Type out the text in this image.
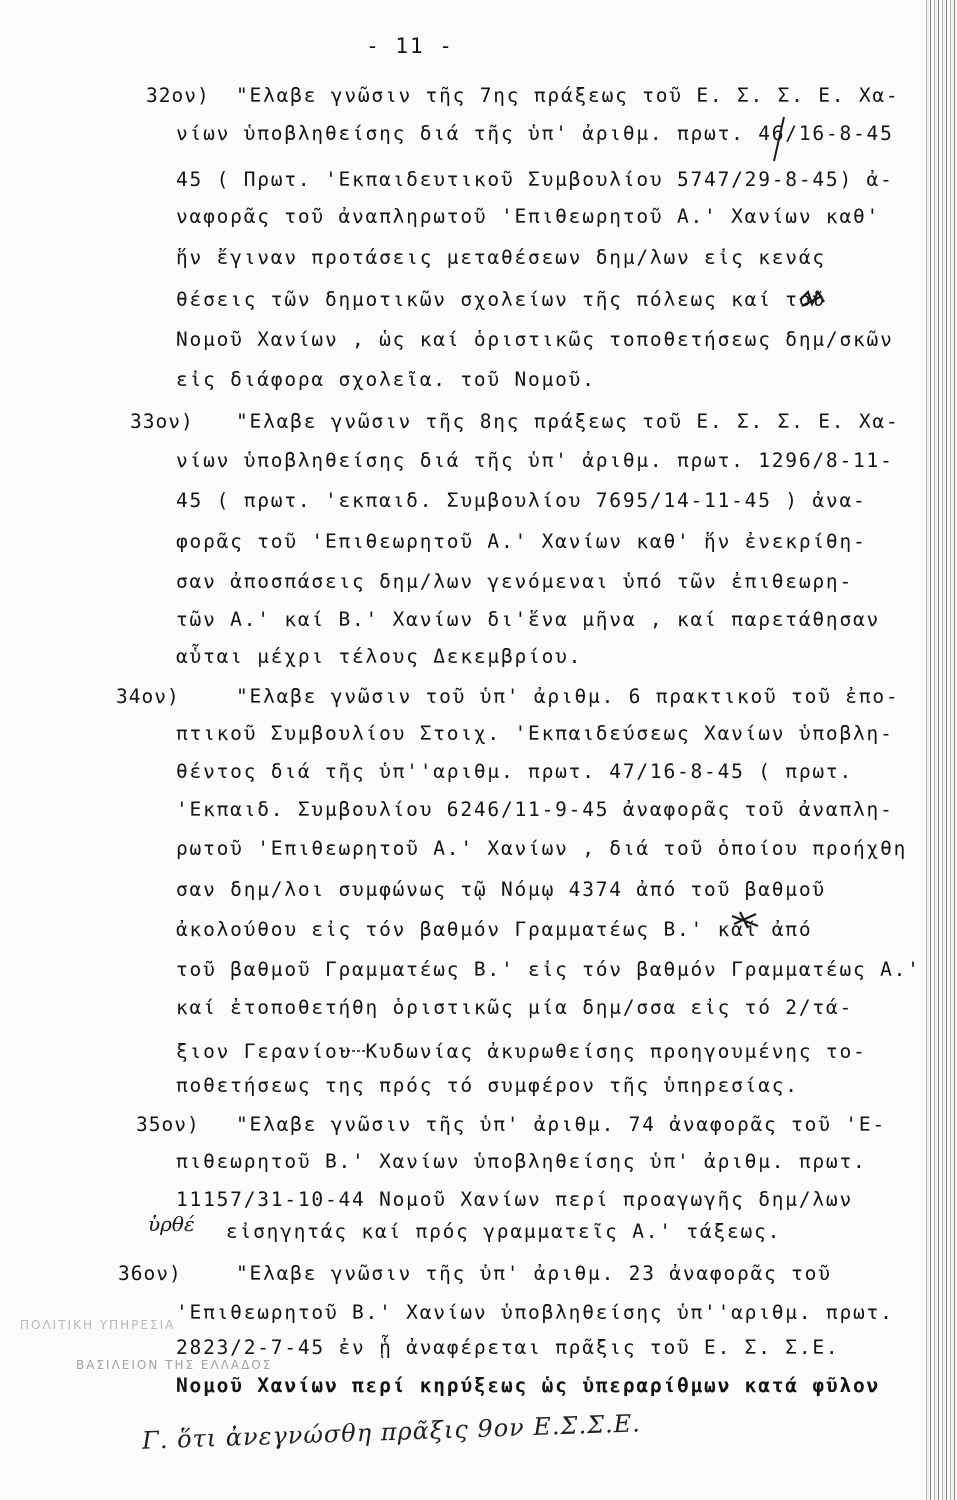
- 11 -
32ον) "Ελαβε γνῶσιν τῆς 7ης πράξεως τοῦ Ε. Σ. Σ. Ε. Χα-
νίων ὑποβληθείσης διά τῆς ὑπ' ἀριθμ. πρωτ. 46/16-8-45
45 ( Πρωτ. 'Εκπαιδευτικοῦ Συμβουλίου 5747/29-8-45) ἀ-
ναφορᾶς τοῦ ἀναπληρωτοῦ 'Επιθεωρητοῦ Α.' Χανίων καθ'
ἥν ἔγιναν προτάσεις μεταθέσεων δημ/λων εἰς κενάς
θέσεις τῶν δημοτικῶν σχολείων τῆς πόλεως καί τοῦ
Νομοῦ Χανίων , ὡς καί ὁριστικῶς τοποθετήσεως δημ/σκῶν
εἰς διάφορα σχολεῖα. τοῦ Νομοῦ.
33ον) "Ελαβε γνῶσιν τῆς 8ης πράξεως τοῦ Ε. Σ. Σ. Ε. Χα-
νίων ὑποβληθείσης διά τῆς ὑπ' ἀριθμ. πρωτ. 1296/8-11-
45 ( πρωτ. 'εκπαιδ. Συμβουλίου 7695/14-11-45 ) ἀνα-
φορᾶς τοῦ 'Επιθεωρητοῦ Α.' Χανίων καθ' ἥν ἐνεκρίθη-
σαν ἀποσπάσεις δημ/λων γενόμεναι ὑπό τῶν ἐπιθεωρη-
τῶν Α.' καί Β.' Χανίων δι'ἕνα μῆνα , καί παρετάθησαν
αὗται μέχρι τέλους Δεκεμβρίου.
34ον)	"Ελαβε γνῶσιν τοῦ ὑπ' ἀριθμ. 6 πρακτικοῦ τοῦ ἐπο-
πτικοῦ Συμβουλίου Στοιχ. 'Εκπαιδεύσεως Χανίων ὑποβλη-
θέντος διά τῆς ὑπ''αριθμ. πρωτ. 47/16-8-45 ( πρωτ.
'Εκπαιδ. Συμβουλίου 6246/11-9-45 ἀναφορᾶς τοῦ ἀναπλη-
ρωτοῦ 'Επιθεωρητοῦ Α.' Χανίων , διά τοῦ ὁποίου προήχθη
σαν δημ/λοι συμφώνως τῷ Νόμῳ 4374 ἀπό τοῦ βαθμοῦ
ἀκολούθου εἰς τόν βαθμόν Γραμματέως Β.' καί ἀπό
τοῦ βαθμοῦ Γραμματέως Β.' εἰς τόν βαθμόν Γραμματέως Α.'
καί ἐτοποθετήθη ὁριστικῶς μία δημ/σσα εἰς τό 2/τά-
ξιον Γερανίου Κυδωνίας ἀκυρωθείσης προηγουμένης το-
ποθετήσεως της πρός τό συμφέρον τῆς ὑπηρεσίας.
35ον) "Ελαβε γνῶσιν τῆς ὑπ' ἀριθμ. 74 ἀναφορᾶς τοῦ 'Ε-
πιθεωρητοῦ Β.' Χανίων ὑποβληθείσης ὑπ' ἀριθμ. πρωτ.
11157/31-10-44 Νομοῦ Χανίων περί προαγωγῆς δημ/λων
εἰσηγητάς καί πρός γραμματεῖς Α.' τάξεως.
ὑρθέ
36ον)	"Ελαβε γνῶσιν τῆς ὑπ' ἀριθμ. 23 ἀναφορᾶς τοῦ
'Επιθεωρητοῦ Β.' Χανίων ὑποβληθείσης ὑπ''αριθμ. πρωτ.
2823/2-7-45 ἐν ᾗ ἀναφέρεται πρᾶξις τοῦ Ε. Σ. Σ.Ε.
Νομοῦ Χανίων περί κηρύξεως ὡς ὑπεραρίθμων κατά φῦλον
ΠΟΛΙΤΙΚΗ ΥΠΗΡΕΣΙΑ
ΒΑΣΙΛΕΙΟΝ ΤΗΣ ΕΛΛΑΔΟΣ
Γ. ὅτι ἀνεγνώσθη πρᾶξις 9ον Ε.Σ.Σ.Ε.
